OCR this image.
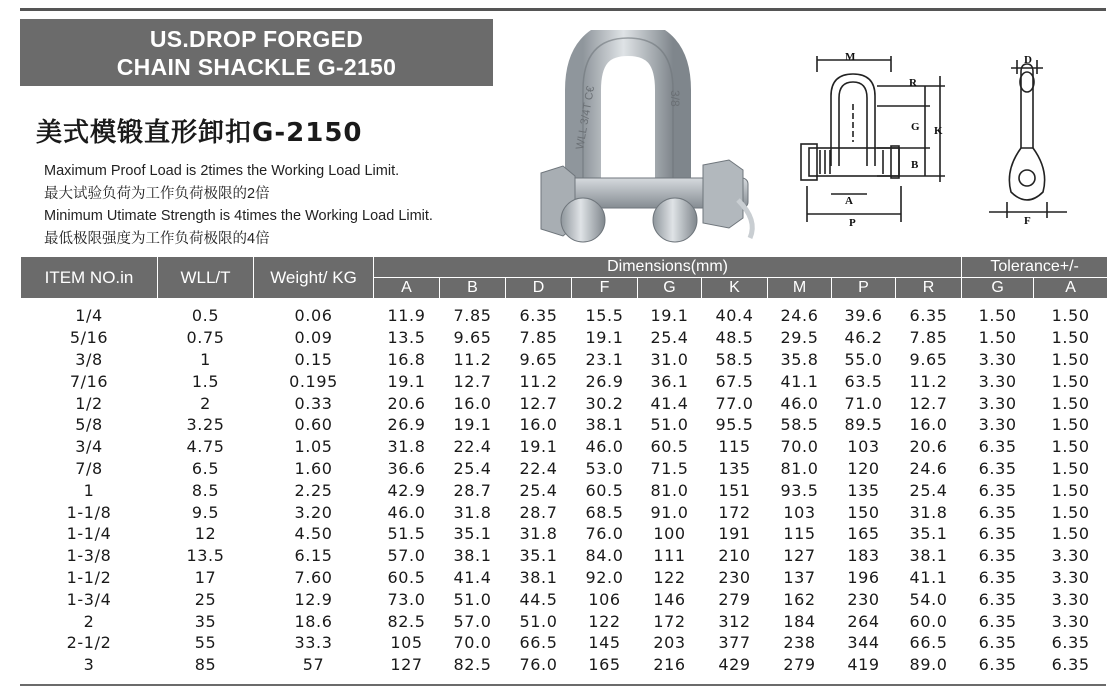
US.DROP FORGED
CHAIN SHACKLE G-2150
美式模锻直形卸扣G-2150
Maximum Proof Load is 2times the Working Load Limit.
最大试验负荷为工作负荷极限的2倍
Minimum Utimate Strength is 4times the Working Load Limit.
最低极限强度为工作负荷极限的4倍
WLL 3/4T C€	3/8
M
R
G K
B
A
P
D
F
ITEM NO.in	WLL/T	Weight/ KG	Dimensions(mm)									Tolerance+/-	
			A	B	D	F	G	K	M	P	R	G	A
1/4	0.5	0.06	11.9	7.85	6.35	15.5	19.1	40.4	24.6	39.6	6.35	1.50	1.50
5/16	0.75	0.09	13.5	9.65	7.85	19.1	25.4	48.5	29.5	46.2	7.85	1.50	1.50
3/8	1	0.15	16.8	11.2	9.65	23.1	31.0	58.5	35.8	55.0	9.65	3.30	1.50
7/16	1.5	0.195	19.1	12.7	11.2	26.9	36.1	67.5	41.1	63.5	11.2	3.30	1.50
1/2	2	0.33	20.6	16.0	12.7	30.2	41.4	77.0	46.0	71.0	12.7	3.30	1.50
5/8	3.25	0.60	26.9	19.1	16.0	38.1	51.0	95.5	58.5	89.5	16.0	3.30	1.50
3/4	4.75	1.05	31.8	22.4	19.1	46.0	60.5	115	70.0	103	20.6	6.35	1.50
7/8	6.5	1.60	36.6	25.4	22.4	53.0	71.5	135	81.0	120	24.6	6.35	1.50
1	8.5	2.25	42.9	28.7	25.4	60.5	81.0	151	93.5	135	25.4	6.35	1.50
1-1/8	9.5	3.20	46.0	31.8	28.7	68.5	91.0	172	103	150	31.8	6.35	1.50
1-1/4	12	4.50	51.5	35.1	31.8	76.0	100	191	115	165	35.1	6.35	1.50
1-3/8	13.5	6.15	57.0	38.1	35.1	84.0	111	210	127	183	38.1	6.35	3.30
1-1/2	17	7.60	60.5	41.4	38.1	92.0	122	230	137	196	41.1	6.35	3.30
1-3/4	25	12.9	73.0	51.0	44.5	106	146	279	162	230	54.0	6.35	3.30
2	35	18.6	82.5	57.0	51.0	122	172	312	184	264	60.0	6.35	3.30
2-1/2	55	33.3	105	70.0	66.5	145	203	377	238	344	66.5	6.35	6.35
3	85	57	127	82.5	76.0	165	216	429	279	419	89.0	6.35	6.35
